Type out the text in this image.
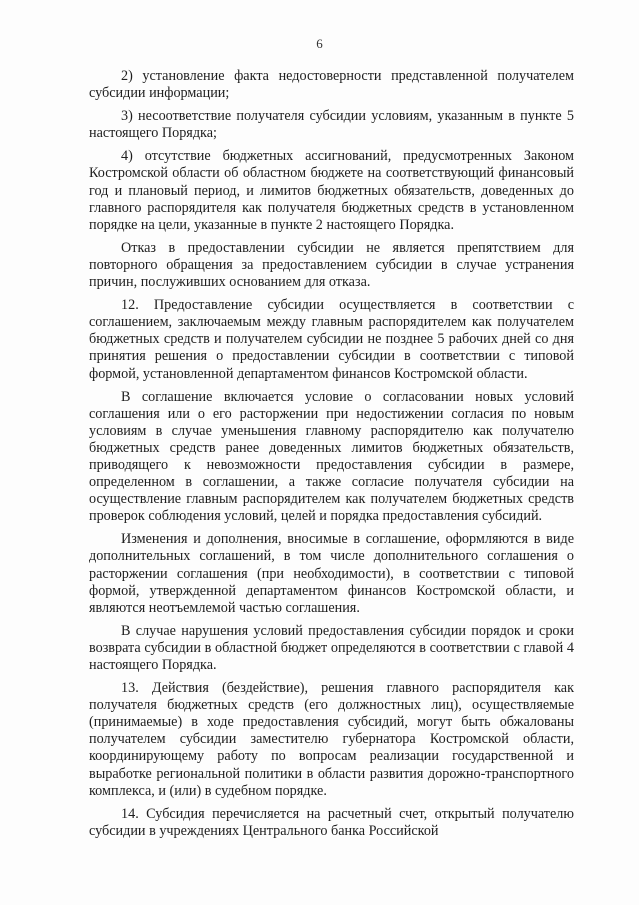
6

2) установление факта недостоверности представленной получателем субсидии информации;

3) несоответствие получателя субсидии условиям, указанным в пункте 5 настоящего Порядка;

4) отсутствие бюджетных ассигнований, предусмотренных Законом Костромской области об областном бюджете на соответствующий финансовый год и плановый период, и лимитов бюджетных обязательств, доведенных до главного распорядителя как получателя бюджетных средств в установленном порядке на цели, указанные в пункте 2 настоящего Порядка.

Отказ в предоставлении субсидии не является препятствием для повторного обращения за предоставлением субсидии в случае устранения причин, послуживших основанием для отказа.

12. Предоставление субсидии осуществляется в соответствии с соглашением, заключаемым между главным распорядителем как получателем бюджетных средств и получателем субсидии не позднее 5 рабочих дней со дня принятия решения о предоставлении субсидии в соответствии с типовой формой, установленной департаментом финансов Костромской области.

В соглашение включается условие о согласовании новых условий соглашения или о его расторжении при недостижении согласия по новым условиям в случае уменьшения главному распорядителю как получателю бюджетных средств ранее доведенных лимитов бюджетных обязательств, приводящего к невозможности предоставления субсидии в размере, определенном в соглашении, а также согласие получателя субсидии на осуществление главным распорядителем как получателем бюджетных средств проверок соблюдения условий, целей и порядка предоставления субсидий.

Изменения и дополнения, вносимые в соглашение, оформляются в виде дополнительных соглашений, в том числе дополнительного соглашения о расторжении соглашения (при необходимости), в соответствии с типовой формой, утвержденной департаментом финансов Костромской области, и являются неотъемлемой частью соглашения.

В случае нарушения условий предоставления субсидии порядок и сроки возврата субсидии в областной бюджет определяются в соответствии с главой 4 настоящего Порядка.

13. Действия (бездействие), решения главного распорядителя как получателя бюджетных средств (его должностных лиц), осуществляемые (принимаемые) в ходе предоставления субсидий, могут быть обжалованы получателем субсидии заместителю губернатора Костромской области, координирующему работу по вопросам реализации государственной и выработке региональной политики в области развития дорожно-транспортного комплекса, и (или) в судебном порядке.

14. Субсидия перечисляется на расчетный счет, открытый получателю субсидии в учреждениях Центрального банка Российской
